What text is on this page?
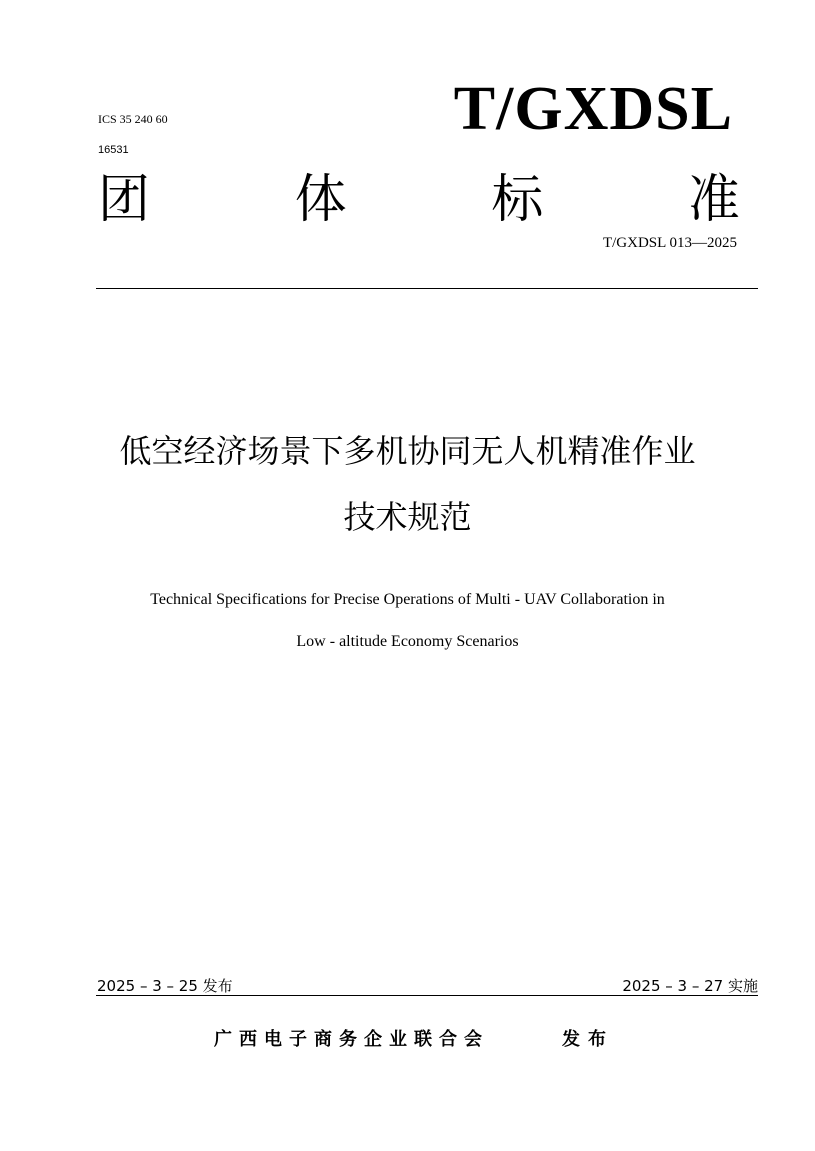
ICS 35 240 60
16531
T/GXDSL
团	体	标	准
T/GXDSL 013—2025
低空经济场景下多机协同无人机精准作业
技术规范
Technical Specifications for Precise Operations of Multi - UAV Collaboration in
Low - altitude Economy Scenarios
2025 – 3 – 25 发布	2025 – 3 – 27 实施
广西电子商务企业联合会	发布
